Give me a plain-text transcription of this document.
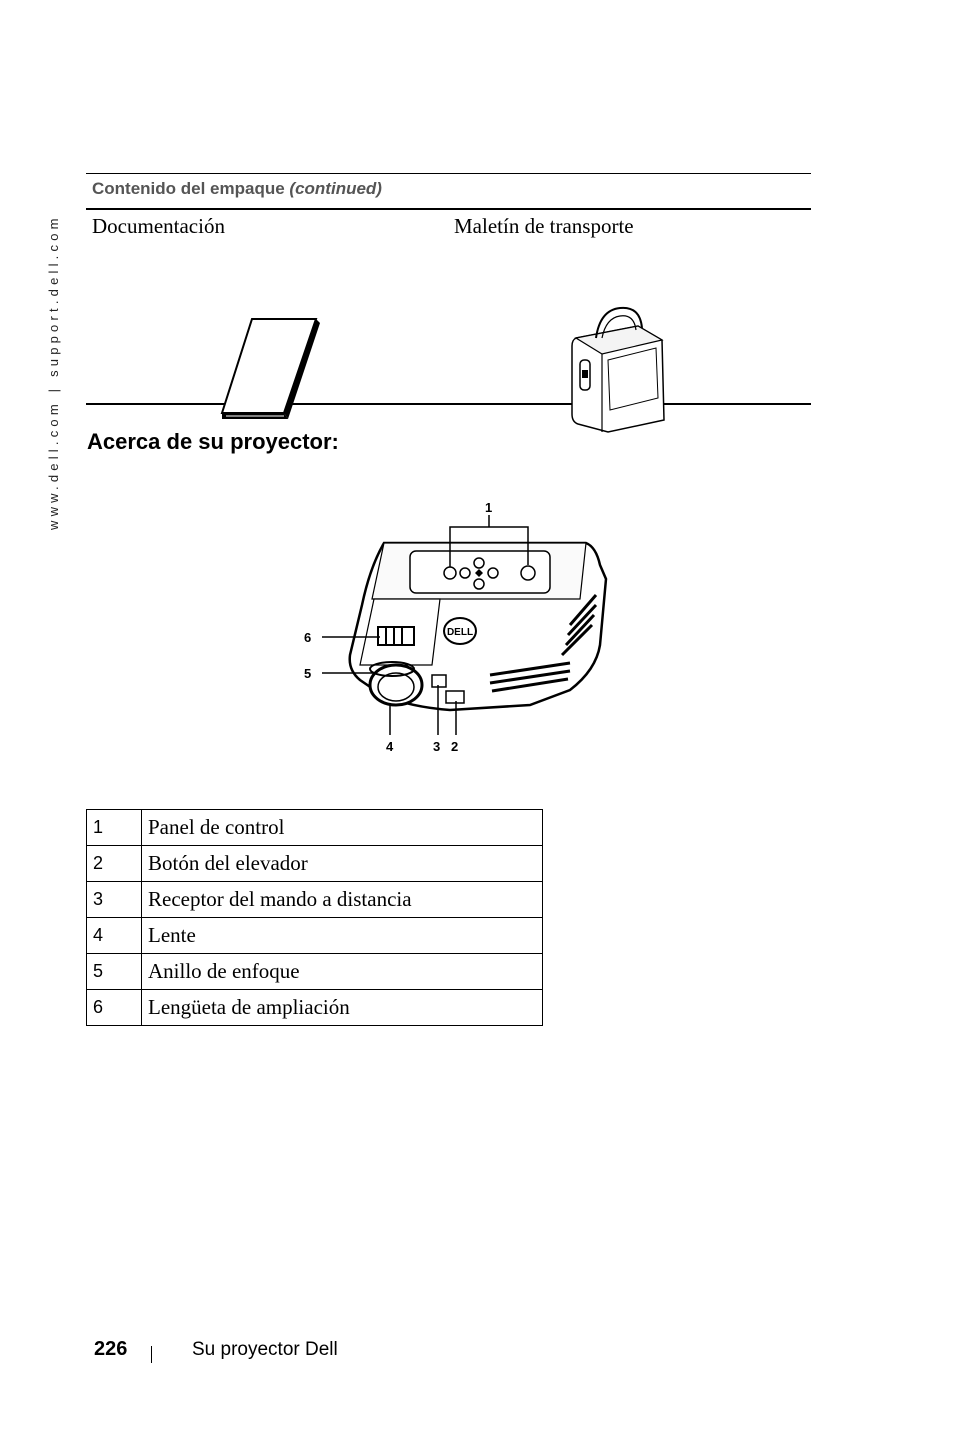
www.dell.com | support.dell.com
Contenido del empaque (continued)
Documentación	Maletín de transporte
Acerca de su proyector:
DELL
1
6
5
4	3 2
1	Panel de control
2	Botón del elevador
3	Receptor del mando a distancia
4	Lente
5	Anillo de enfoque
6	Lengüeta de ampliación
226	Su proyector Dell
